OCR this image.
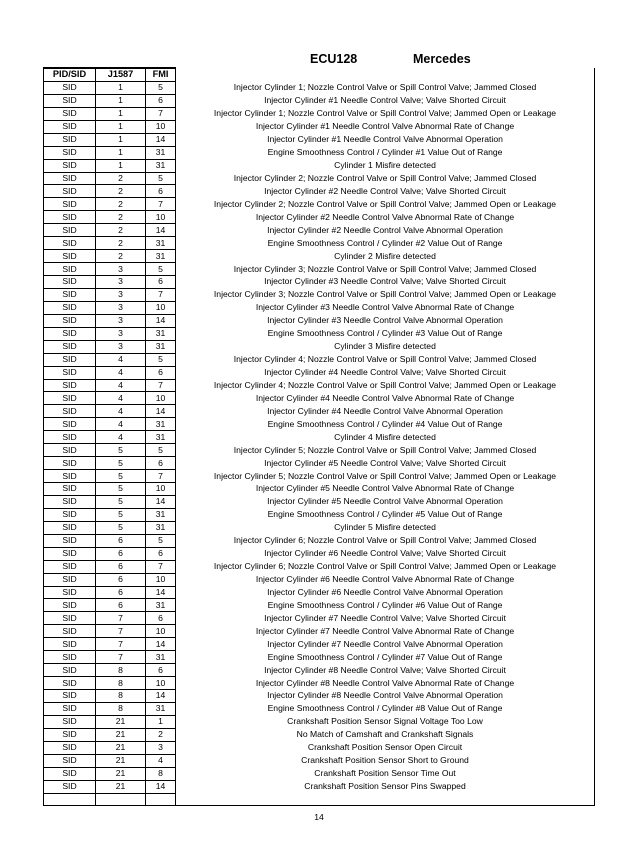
ECU128	Mercedes
PID/SID	J1587	FMI	
SID	1	5	Injector Cylinder 1; Nozzle Control Valve or Spill Control Valve; Jammed Closed
SID	1	6	Injector Cylinder #1 Needle Control Valve; Valve Shorted Circuit
SID	1	7	Injector Cylinder 1; Nozzle Control Valve or Spill Control Valve; Jammed Open or Leakage
SID	1	10	Injector Cylinder #1 Needle Control Valve Abnormal Rate of Change
SID	1	14	Injector Cylinder #1 Needle Control Valve Abnormal Operation
SID	1	31	Engine Smoothness Control / Cylinder #1 Value Out of Range
SID	1	31	Cylinder 1 Misfire detected
SID	2	5	Injector Cylinder 2; Nozzle Control Valve or Spill Control Valve; Jammed Closed
SID	2	6	Injector Cylinder #2 Needle Control Valve; Valve Shorted Circuit
SID	2	7	Injector Cylinder 2; Nozzle Control Valve or Spill Control Valve; Jammed Open or Leakage
SID	2	10	Injector Cylinder #2 Needle Control Valve Abnormal Rate of Change
SID	2	14	Injector Cylinder #2 Needle Control Valve Abnormal Operation
SID	2	31	Engine Smoothness Control / Cylinder #2 Value Out of Range
SID	2	31	Cylinder 2 Misfire detected
SID	3	5	Injector Cylinder 3; Nozzle Control Valve or Spill Control Valve; Jammed Closed
SID	3	6	Injector Cylinder #3 Needle Control Valve; Valve Shorted Circuit
SID	3	7	Injector Cylinder 3; Nozzle Control Valve or Spill Control Valve; Jammed Open or Leakage
SID	3	10	Injector Cylinder #3 Needle Control Valve Abnormal Rate of Change
SID	3	14	Injector Cylinder #3 Needle Control Valve Abnormal Operation
SID	3	31	Engine Smoothness Control / Cylinder #3 Value Out of Range
SID	3	31	Cylinder 3 Misfire detected
SID	4	5	Injector Cylinder 4; Nozzle Control Valve or Spill Control Valve; Jammed Closed
SID	4	6	Injector Cylinder #4 Needle Control Valve; Valve Shorted Circuit
SID	4	7	Injector Cylinder 4; Nozzle Control Valve or Spill Control Valve; Jammed Open or Leakage
SID	4	10	Injector Cylinder #4 Needle Control Valve Abnormal Rate of Change
SID	4	14	Injector Cylinder #4 Needle Control Valve Abnormal Operation
SID	4	31	Engine Smoothness Control / Cylinder #4 Value Out of Range
SID	4	31	Cylinder 4 Misfire detected
SID	5	5	Injector Cylinder 5; Nozzle Control Valve or Spill Control Valve; Jammed Closed
SID	5	6	Injector Cylinder #5 Needle Control Valve; Valve Shorted Circuit
SID	5	7	Injector Cylinder 5; Nozzle Control Valve or Spill Control Valve; Jammed Open or Leakage
SID	5	10	Injector Cylinder #5 Needle Control Valve Abnormal Rate of Change
SID	5	14	Injector Cylinder #5 Needle Control Valve Abnormal Operation
SID	5	31	Engine Smoothness Control / Cylinder #5 Value Out of Range
SID	5	31	Cylinder 5 Misfire detected
SID	6	5	Injector Cylinder 6; Nozzle Control Valve or Spill Control Valve; Jammed Closed
SID	6	6	Injector Cylinder #6 Needle Control Valve; Valve Shorted Circuit
SID	6	7	Injector Cylinder 6; Nozzle Control Valve or Spill Control Valve; Jammed Open or Leakage
SID	6	10	Injector Cylinder #6 Needle Control Valve Abnormal Rate of Change
SID	6	14	Injector Cylinder #6 Needle Control Valve Abnormal Operation
SID	6	31	Engine Smoothness Control / Cylinder #6 Value Out of Range
SID	7	6	Injector Cylinder #7 Needle Control Valve; Valve Shorted Circuit
SID	7	10	Injector Cylinder #7 Needle Control Valve Abnormal Rate of Change
SID	7	14	Injector Cylinder #7 Needle Control Valve Abnormal Operation
SID	7	31	Engine Smoothness Control / Cylinder #7 Value Out of Range
SID	8	6	Injector Cylinder #8 Needle Control Valve; Valve Shorted Circuit
SID	8	10	Injector Cylinder #8 Needle Control Valve Abnormal Rate of Change
SID	8	14	Injector Cylinder #8 Needle Control Valve Abnormal Operation
SID	8	31	Engine Smoothness Control / Cylinder #8 Value Out of Range
SID	21	1	Crankshaft Position Sensor Signal Voltage Too Low
SID	21	2	No Match of Camshaft and Crankshaft Signals
SID	21	3	Crankshaft Position Sensor Open Circuit
SID	21	4	Crankshaft Position Sensor Short to Ground
SID	21	8	Crankshaft Position Sensor Time Out
SID	21	14	Crankshaft Position Sensor Pins Swapped

14
